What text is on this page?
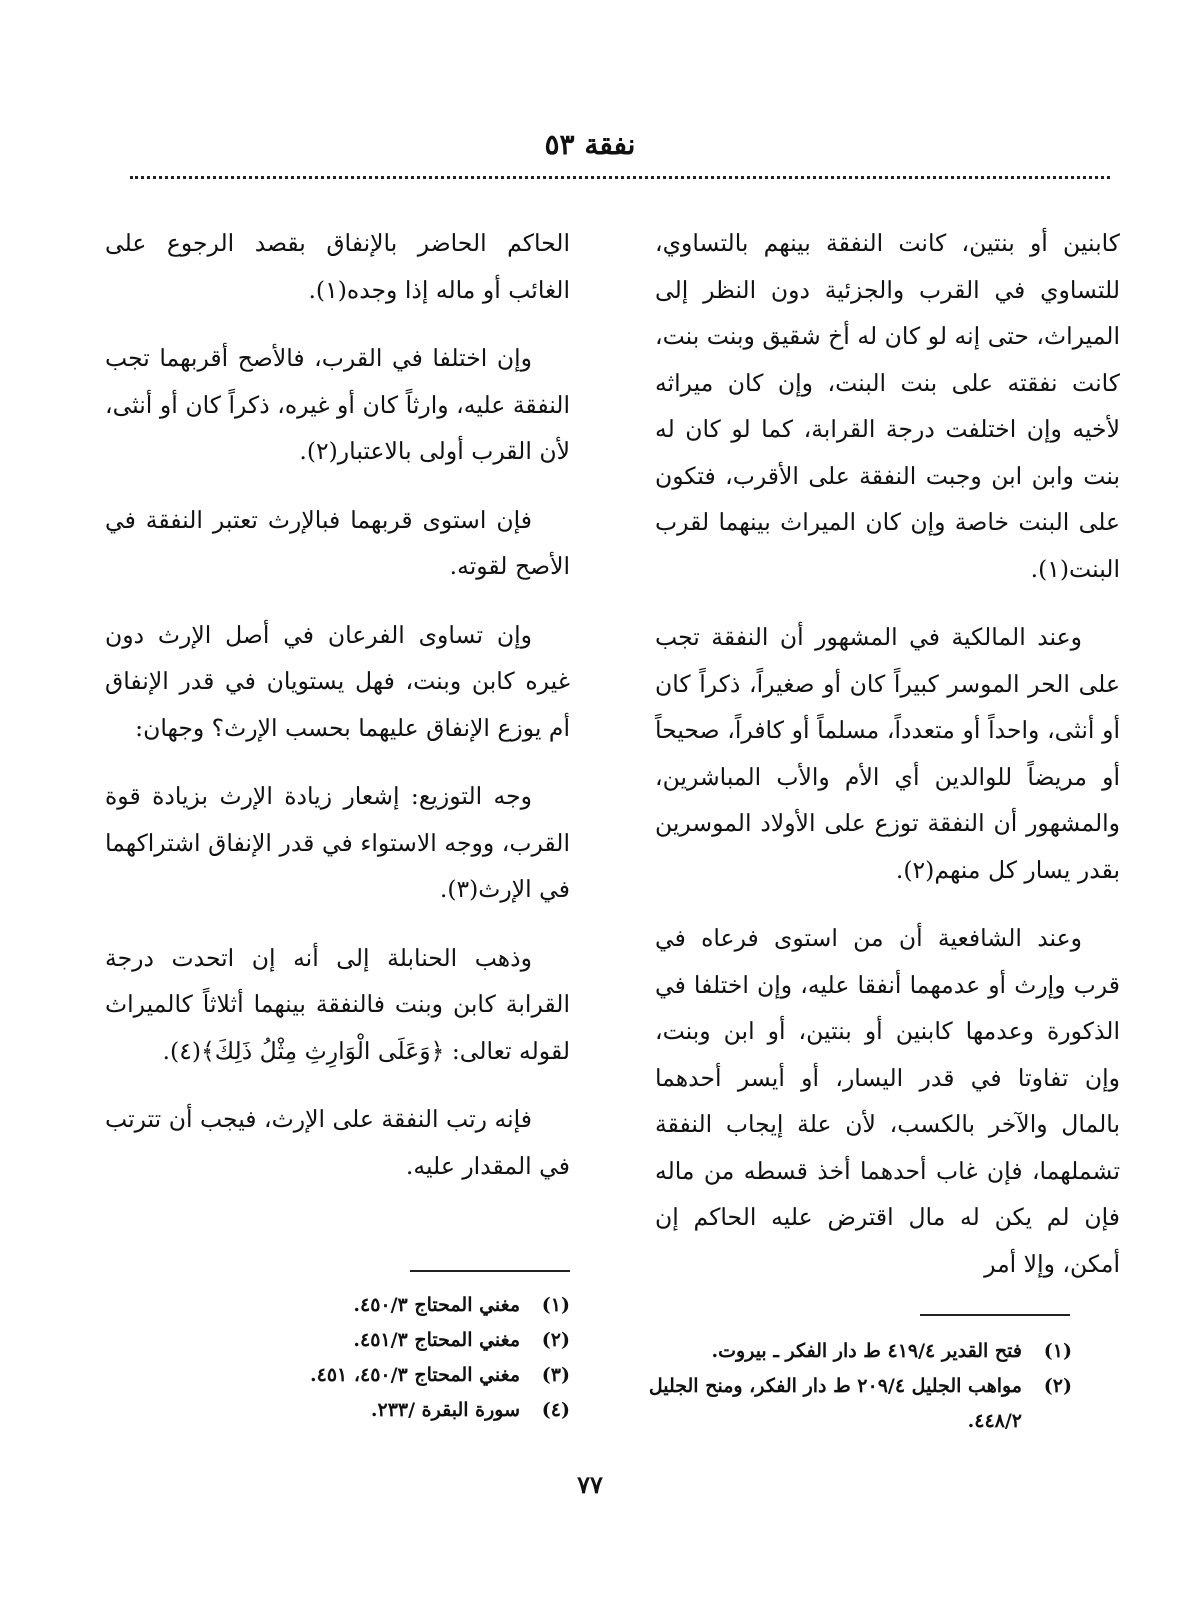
نفقة ٥٣

كابنين أو بنتين، كانت النفقة بينهم بالتساوي، للتساوي في القرب والجزئية دون النظر إلى الميراث، حتى إنه لو كان له أخ شقيق وبنت بنت، كانت نفقته على بنت البنت، وإن كان ميراثه لأخيه وإن اختلفت درجة القرابة، كما لو كان له بنت وابن ابن وجبت النفقة على الأقرب، فتكون على البنت خاصة وإن كان الميراث بينهما لقرب البنت(١).

وعند المالكية في المشهور أن النفقة تجب على الحر الموسر كبيراً كان أو صغيراً، ذكراً كان أو أنثى، واحداً أو متعدداً، مسلماً أو كافراً، صحيحاً أو مريضاً للوالدين أي الأم والأب المباشرين، والمشهور أن النفقة توزع على الأولاد الموسرين بقدر يسار كل منهم(٢).

وعند الشافعية أن من استوى فرعاه في قرب وإرث أو عدمهما أنفقا عليه، وإن اختلفا في الذكورة وعدمها كابنين أو بنتين، أو ابن وبنت، وإن تفاوتا في قدر اليسار، أو أيسر أحدهما بالمال والآخر بالكسب، لأن علة إيجاب النفقة تشملهما، فإن غاب أحدهما أخذ قسطه من ماله فإن لم يكن له مال اقترض عليه الحاكم إن أمكن، وإلا أمر

(١)
فتح القدير ٤١٩/٤ ط دار الفكر ـ بيروت.
(٢)
مواهب الجليل ٢٠٩/٤ ط دار الفكر، ومنح الجليل ٤٤٨/٢.

الحاكم الحاضر بالإنفاق بقصد الرجوع على الغائب أو ماله إذا وجده(١).

وإن اختلفا في القرب، فالأصح أقربهما تجب النفقة عليه، وارثاً كان أو غيره، ذكراً كان أو أنثى، لأن القرب أولى بالاعتبار(٢).

فإن استوى قربهما فبالإرث تعتبر النفقة في الأصح لقوته.

وإن تساوى الفرعان في أصل الإرث دون غيره كابن وبنت، فهل يستويان في قدر الإنفاق أم يوزع الإنفاق عليهما بحسب الإرث؟ وجهان:

وجه التوزيع: إشعار زيادة الإرث بزيادة قوة القرب، ووجه الاستواء في قدر الإنفاق اشتراكهما في الإرث(٣).

وذهب الحنابلة إلى أنه إن اتحدت درجة القرابة كابن وبنت فالنفقة بينهما أثلاثاً كالميراث لقوله تعالى: ﴿وَعَلَى الْوَارِثِ مِثْلُ ذَلِكَ﴾(٤).

فإنه رتب النفقة على الإرث، فيجب أن تترتب في المقدار عليه.

(١)
مغني المحتاج ٤٥٠/٣.
(٢)
مغني المحتاج ٤٥١/٣.
(٣)
مغني المحتاج ٤٥٠/٣، ٤٥١.
(٤)
سورة البقرة /٢٣٣.
٧٧
